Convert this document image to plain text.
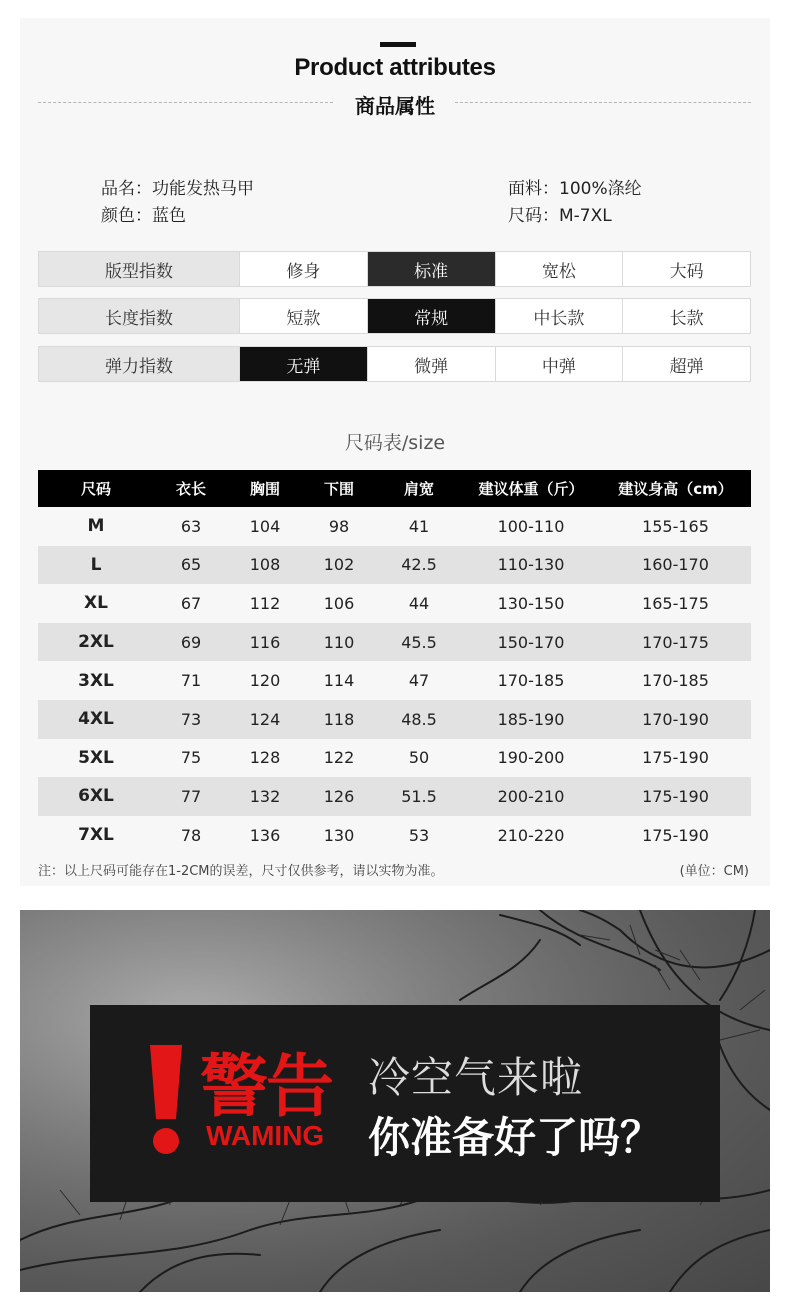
Product attributes
商品属性
品名：功能发热马甲
颜色：蓝色
面料：100%涤纶
尺码：M-7XL
版型指数	修身	标准	宽松	大码
长度指数	短款	常规	中长款	长款
弹力指数	无弹	微弹	中弹	超弹
尺码表/size
尺码	衣长	胸围	下围	肩宽	建议体重（斤）	建议身高（cm）
M	63	104	98	41	100-110	155-165
L	65	108	102	42.5	110-130	160-170
XL	67	112	106	44	130-150	165-175
2XL	69	116	110	45.5	150-170	170-175
3XL	71	120	114	47	170-185	170-185
4XL	73	124	118	48.5	185-190	170-190
5XL	75	128	122	50	190-200	175-190
6XL	77	132	126	51.5	200-210	175-190
7XL	78	136	130	53	210-220	175-190
注：以上尺码可能存在1-2CM的误差，尺寸仅供参考，请以实物为准。	(单位：CM)
警告
WAMING
冷空气来啦
你准备好了吗？
